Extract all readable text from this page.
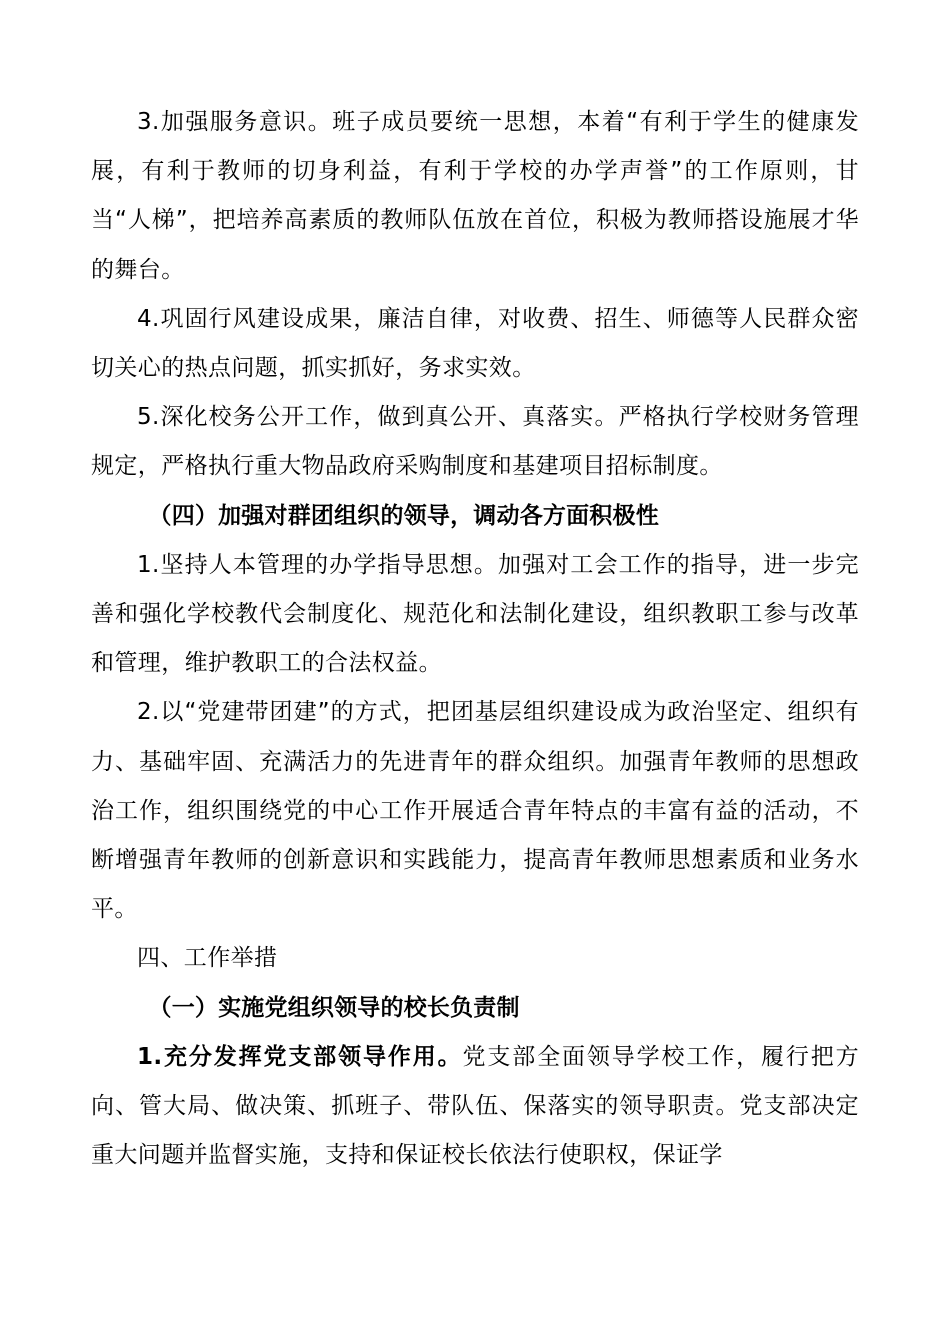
3.加强服务意识。班子成员要统一思想，本着“有利于学生的健康发展，有利于教师的切身利益，有利于学校的办学声誉”的工作原则，甘当“人梯”，把培养高素质的教师队伍放在首位，积极为教师搭设施展才华的舞台。

4.巩固行风建设成果，廉洁自律，对收费、招生、师德等人民群众密切关心的热点问题，抓实抓好，务求实效。

5.深化校务公开工作，做到真公开、真落实。严格执行学校财务管理规定，严格执行重大物品政府采购制度和基建项目招标制度。

（四）加强对群团组织的领导，调动各方面积极性

1.坚持人本管理的办学指导思想。加强对工会工作的指导，进一步完善和强化学校教代会制度化、规范化和法制化建设，组织教职工参与改革和管理，维护教职工的合法权益。

2.以“党建带团建”的方式，把团基层组织建设成为政治坚定、组织有力、基础牢固、充满活力的先进青年的群众组织。加强青年教师的思想政治工作，组织围绕党的中心工作开展适合青年特点的丰富有益的活动，不断增强青年教师的创新意识和实践能力，提高青年教师思想素质和业务水平。

四、工作举措

（一）实施党组织领导的校长负责制

1.充分发挥党支部领导作用。党支部全面领导学校工作，履行把方向、管大局、做决策、抓班子、带队伍、保落实的领导职责。党支部决定重大问题并监督实施，支持和保证校长依法行使职权，保证学
